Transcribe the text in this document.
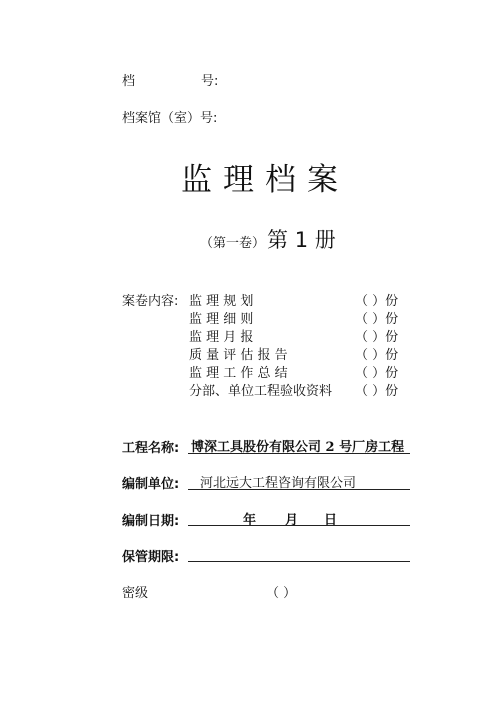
档	号:
档案馆（室）号:
监理档案
（第一卷）第 1 册
案卷内容: 监 理 规 划	（ ）份
监 理 细 则	（ ）份
监 理 月 报	（ ）份
质 量 评 估 报 告	（ ）份
监 理 工 作 总 结	（ ）份
分部、单位工程验收资料 （ ）份
工程名称: 博深工具股份有限公司 2 号厂房工程
编制单位: 河北远大工程咨询有限公司
编制日期:	年 月 日
保管期限:
密级	（ ）
